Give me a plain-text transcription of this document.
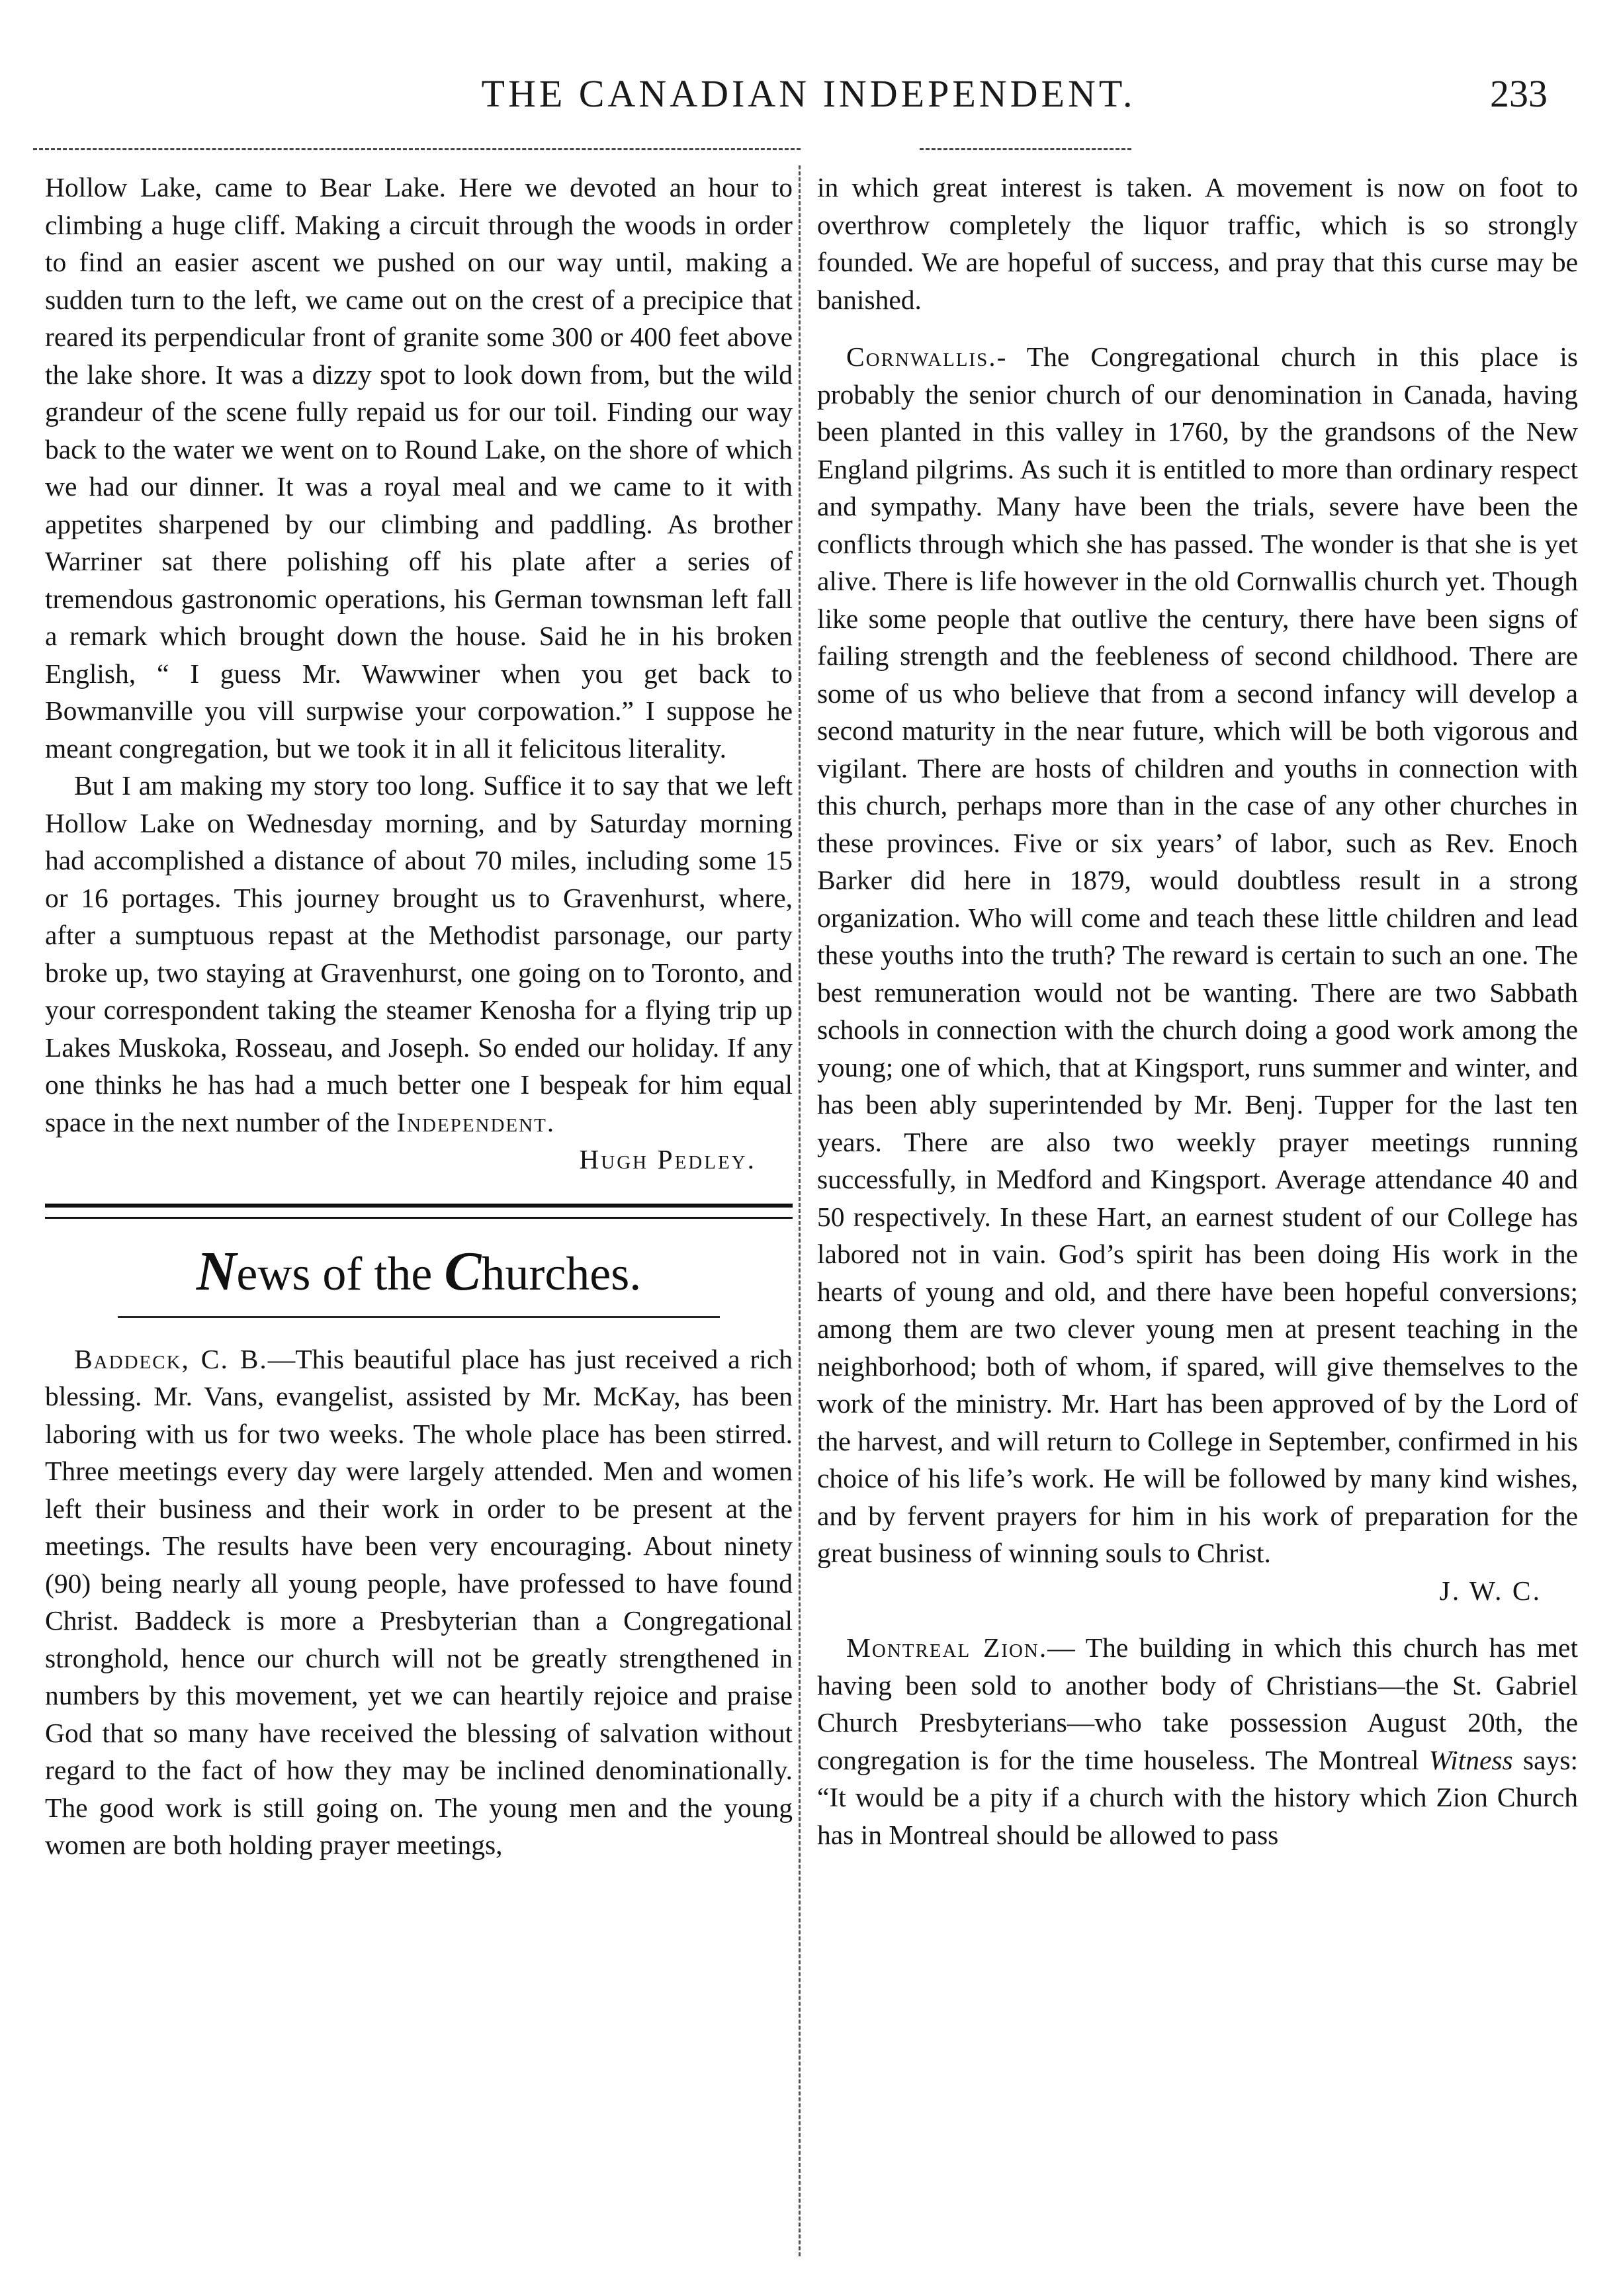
THE CANADIAN INDEPENDENT.	233

Hollow Lake, came to Bear Lake. Here we devoted an hour to climbing a huge cliff. Making a circuit through the woods in order to find an easier ascent we pushed on our way until, making a sudden turn to the left, we came out on the crest of a precipice that reared its perpendicular front of granite some 300 or 400 feet above the lake shore. It was a dizzy spot to look down from, but the wild grandeur of the scene fully repaid us for our toil. Finding our way back to the water we went on to Round Lake, on the shore of which we had our dinner. It was a royal meal and we came to it with appetites sharpened by our climbing and paddling. As brother Warriner sat there polishing off his plate after a series of tremendous gastronomic operations, his German townsman left fall a remark which brought down the house. Said he in his broken English, “ I guess Mr. Wawwiner when you get back to Bowmanville you vill surpwise your corpowation.” I suppose he meant congregation, but we took it in all it felicitous literality.

But I am making my story too long. Suffice it to say that we left Hollow Lake on Wednesday morning, and by Saturday morning had accomplished a distance of about 70 miles, including some 15 or 16 portages. This journey brought us to Gravenhurst, where, after a sumptuous repast at the Methodist parsonage, our party broke up, two staying at Gravenhurst, one going on to Toronto, and your correspondent taking the steamer Kenosha for a flying trip up Lakes Muskoka, Rosseau, and Joseph. So ended our holiday. If any one thinks he has had a much better one I bespeak for him equal space in the next number of the Independent.

Hugh Pedley.

News of the Churches.

Baddeck, C. B.—This beautiful place has just received a rich blessing. Mr. Vans, evangelist, assisted by Mr. McKay, has been laboring with us for two weeks. The whole place has been stirred. Three meetings every day were largely attended. Men and women left their business and their work in order to be present at the meetings. The results have been very encouraging. About ninety (90) being nearly all young people, have professed to have found Christ. Baddeck is more a Presbyterian than a Congregational stronghold, hence our church will not be greatly strengthened in numbers by this movement, yet we can heartily rejoice and praise God that so many have received the blessing of salvation without regard to the fact of how they may be inclined denominationally. The good work is still going on. The young men and the young women are both holding prayer meetings,

in which great interest is taken. A movement is now on foot to overthrow completely the liquor traffic, which is so strongly founded. We are hopeful of success, and pray that this curse may be banished.

Cornwallis.- The Congregational church in this place is probably the senior church of our denomination in Canada, having been planted in this valley in 1760, by the grandsons of the New England pilgrims. As such it is entitled to more than ordinary respect and sympathy. Many have been the trials, severe have been the conflicts through which she has passed. The wonder is that she is yet alive. There is life however in the old Cornwallis church yet. Though like some people that outlive the century, there have been signs of failing strength and the feebleness of second childhood. There are some of us who believe that from a second infancy will develop a second maturity in the near future, which will be both vigorous and vigilant. There are hosts of children and youths in connection with this church, perhaps more than in the case of any other churches in these provinces. Five or six years’ of labor, such as Rev. Enoch Barker did here in 1879, would doubtless result in a strong organization. Who will come and teach these little children and lead these youths into the truth? The reward is certain to such an one. The best remuneration would not be wanting. There are two Sabbath schools in connection with the church doing a good work among the young; one of which, that at Kingsport, runs summer and winter, and has been ably superintended by Mr. Benj. Tupper for the last ten years. There are also two weekly prayer meetings running successfully, in Medford and Kingsport. Average attendance 40 and 50 respectively. In these Hart, an earnest student of our College has labored not in vain. God’s spirit has been doing His work in the hearts of young and old, and there have been hopeful conversions; among them are two clever young men at present teaching in the neighborhood; both of whom, if spared, will give themselves to the work of the ministry. Mr. Hart has been approved of by the Lord of the harvest, and will return to College in September, confirmed in his choice of his life’s work. He will be followed by many kind wishes, and by fervent prayers for him in his work of preparation for the great business of winning souls to Christ.

J. W. C.

Montreal Zion.— The building in which this church has met having been sold to another body of Christians—the St. Gabriel Church Presbyterians—who take possession August 20th, the congregation is for the time houseless. The Montreal Witness says: “It would be a pity if a church with the history which Zion Church has in Montreal should be allowed to pass
